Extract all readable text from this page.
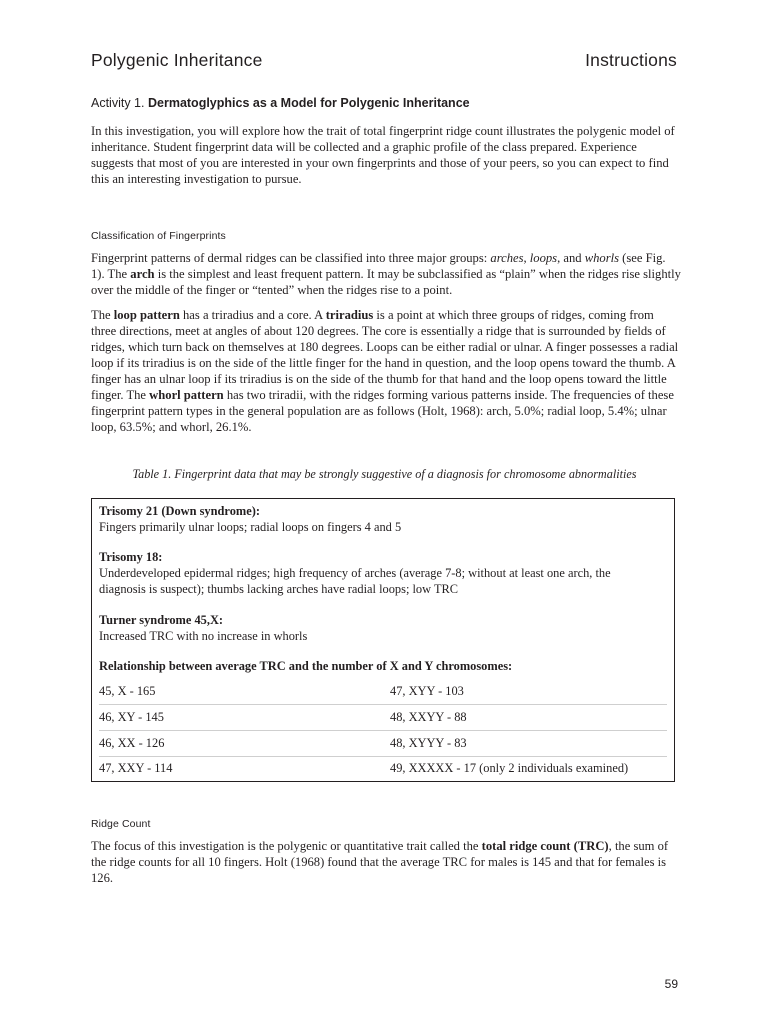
Polygenic Inheritance	Instructions
Activity 1. Dermatoglyphics as a Model for Polygenic Inheritance

In this investigation, you will explore how the trait of total fingerprint ridge count illustrates the polygenic model of inheritance. Student fingerprint data will be collected and a graphic profile of the class prepared. Experience suggests that most of you are interested in your own fingerprints and those of your peers, so you can expect to find this an interesting investigation to pursue.

Classification of Fingerprints

Fingerprint patterns of dermal ridges can be classified into three major groups: arches, loops, and whorls (see Fig. 1). The arch is the simplest and least frequent pattern. It may be subclassified as “plain” when the ridges rise slightly over the middle of the finger or “tented” when the ridges rise to a point.

The loop pattern has a triradius and a core. A triradius is a point at which three groups of ridges, coming from three directions, meet at angles of about 120 degrees. The core is essentially a ridge that is surrounded by fields of ridges, which turn back on themselves at 180 degrees. Loops can be either radial or ulnar. A finger possesses a radial loop if its triradius is on the side of the little finger for the hand in question, and the loop opens toward the thumb. A finger has an ulnar loop if its triradius is on the side of the thumb for that hand and the loop opens toward the little finger. The whorl pattern has two triradii, with the ridges forming various patterns inside. The frequencies of these fingerprint pattern types in the general population are as follows (Holt, 1968): arch, 5.0%; radial loop, 5.4%; ulnar loop, 63.5%; and whorl, 26.1%.

Table 1. Fingerprint data that may be strongly suggestive of a diagnosis for chromosome abnormalities
Trisomy 21 (Down syndrome):
Fingers primarily ulnar loops; radial loops on fingers 4 and 5
Trisomy 18:
Underdeveloped epidermal ridges; high frequency of arches (average 7-8; without at least one arch, the diagnosis is suspect); thumbs lacking arches have radial loops; low TRC
Turner syndrome 45,X:
Increased TRC with no increase in whorls
Relationship between average TRC and the number of X and Y chromosomes:
45, X - 165	47, XYY - 103
46, XY - 145	48, XXYY - 88
46, XX - 126	48, XYYY - 83
47, XXY - 114	49, XXXXX - 17 (only 2 individuals examined)
Ridge Count

The focus of this investigation is the polygenic or quantitative trait called the total ridge count (TRC), the sum of the ridge counts for all 10 fingers. Holt (1968) found that the average TRC for males is 145 and that for females is 126.

59
